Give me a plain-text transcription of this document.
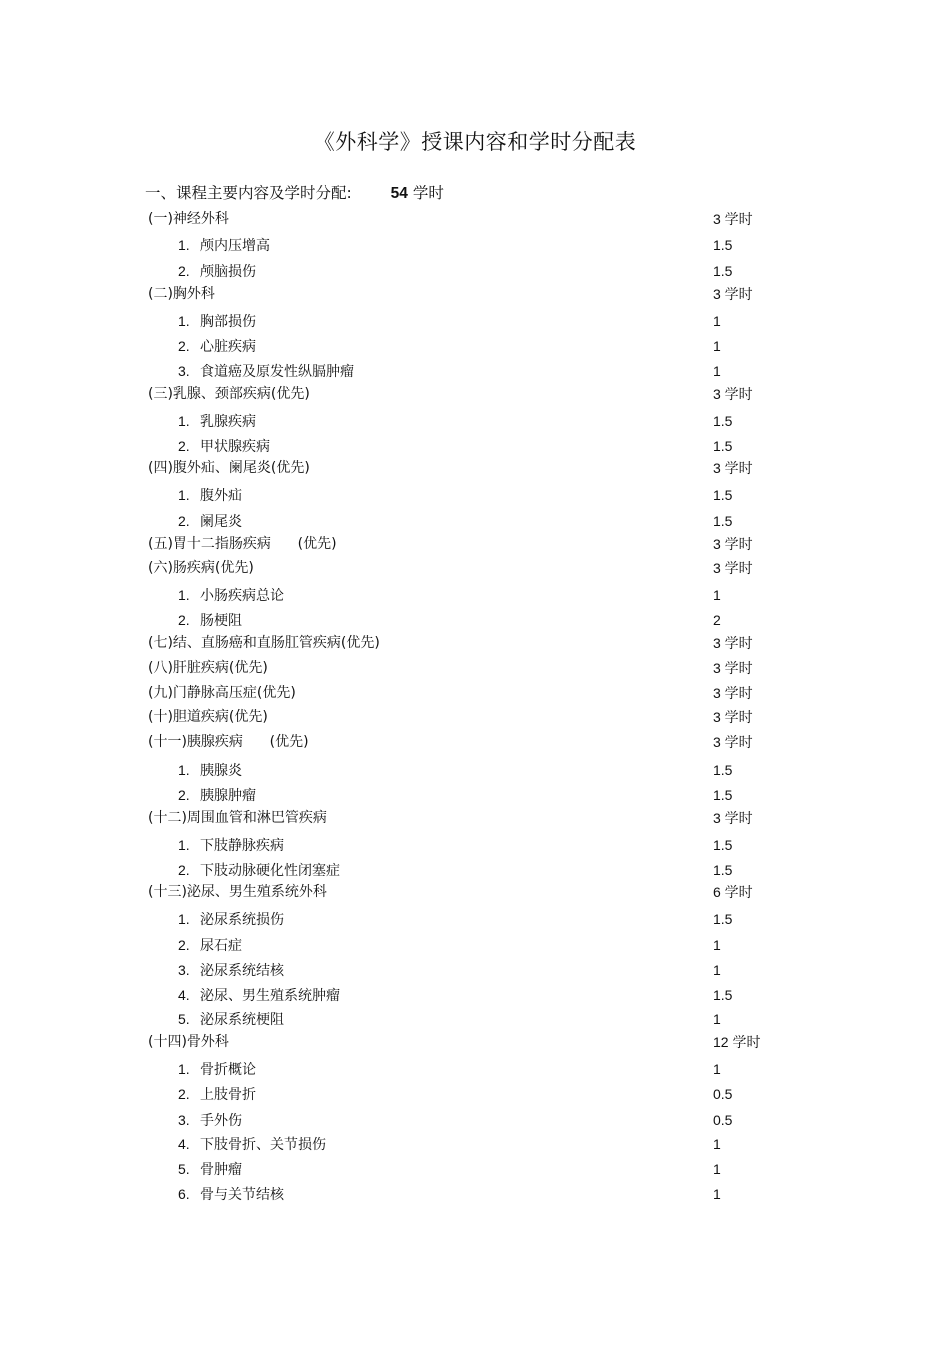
《外科学》授课内容和学时分配表
一、课程主要内容及学时分配:	54 学时
(一)神经外科	3 学时
1. 颅内压增高	1.5
2. 颅脑损伤	1.5
(二)胸外科	3 学时
1. 胸部损伤	1
2. 心脏疾病	1
3. 食道癌及原发性纵膈肿瘤	1
(三)乳腺、颈部疾病(优先)	3 学时
1. 乳腺疾病	1.5
2. 甲状腺疾病	1.5
(四)腹外疝、阑尾炎(优先)	3 学时
1. 腹外疝	1.5
2. 阑尾炎	1.5
(五)胃十二指肠疾病      (优先)	3 学时
(六)肠疾病(优先)	3 学时
1. 小肠疾病总论	1
2. 肠梗阻	2
(七)结、直肠癌和直肠肛管疾病(优先)	3 学时
(八)肝脏疾病(优先)	3 学时
(九)门静脉高压症(优先)	3 学时
(十)胆道疾病(优先)	3 学时
(十一)胰腺疾病      (优先)	3 学时
1. 胰腺炎	1.5
2. 胰腺肿瘤	1.5
(十二)周围血管和淋巴管疾病	3 学时
1. 下肢静脉疾病	1.5
2. 下肢动脉硬化性闭塞症	1.5
(十三)泌尿、男生殖系统外科	6 学时
1. 泌尿系统损伤	1.5
2. 尿石症	1
3. 泌尿系统结核	1
4. 泌尿、男生殖系统肿瘤	1.5
5. 泌尿系统梗阻	1
(十四)骨外科	12 学时
1. 骨折概论	1
2. 上肢骨折	0.5
3. 手外伤	0.5
4. 下肢骨折、关节损伤	1
5. 骨肿瘤	1
6. 骨与关节结核	1
